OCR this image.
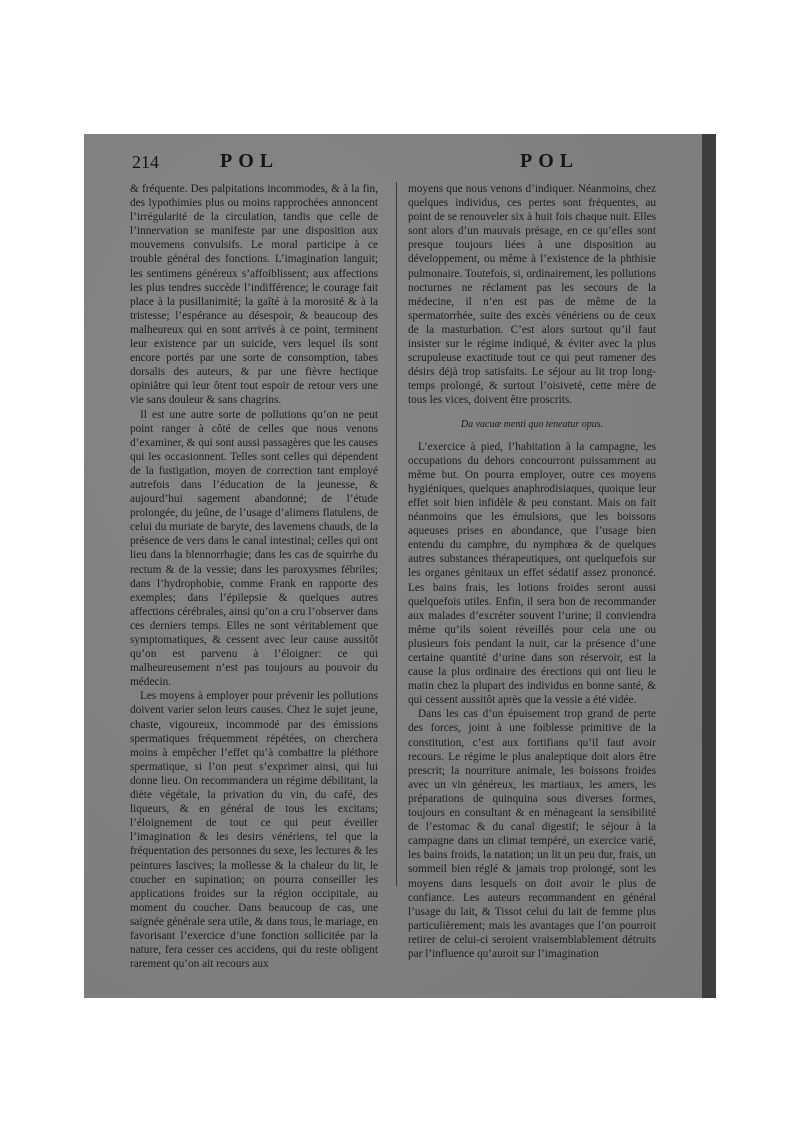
214	POL	POL

& fréquente. Des palpitations incommodes, & à la fin, des lypothimies plus ou moins rapprochées annoncent l’irrégularité de la circulation, tandis que celle de l’innervation se manifeste par une disposition aux mouvemens convulsifs. Le moral participe à ce trouble général des fonctions. L’imagination languit; les sentimens généreux s’affoiblissent; aux affections les plus tendres succède l’indifférence; le courage fait place à la pusillanimité; la gaîté à la morosité & à la tristesse; l’espérance au désespoir, & beaucoup des malheureux qui en sont arrivés à ce point, terminent leur existence par un suicide, vers lequel ils sont encore portés par une sorte de consomption, tabes dorsalis des auteurs, & par une fièvre hectique opiniâtre qui leur ôtent tout espoir de retour vers une vie sans douleur & sans chagrins.

Il est une autre sorte de pollutions qu’on ne peut point ranger à côté de celles que nous venons d’examiner, & qui sont aussi passagères que les causes qui les occasionnent. Telles sont celles qui dépendent de la fustigation, moyen de correction tant employé autrefois dans l’éducation de la jeunesse, & aujourd’hui sagement abandonné; de l’étude prolongée, du jeûne, de l’usage d’alimens flatulens, de celui du muriate de baryte, des lavemens chauds, de la présence de vers dans le canal intestinal; celles qui ont lieu dans la blennorrhagie; dans les cas de squirrhe du rectum & de la vessie; dans les paroxysmes fébriles; dans l’hydrophobie, comme Frank en rapporte des exemples; dans l’épilepsie & quelques autres affections cérébrales, ainsi qu’on a cru l’observer dans ces derniers temps. Elles ne sont véritablement que symptomatiques, & cessent avec leur cause aussitôt qu’on est parvenu à l’éloigner: ce qui malheureusement n’est pas toujours au pouvoir du médecin.

Les moyens à employer pour prévenir les pollutions doivent varier selon leurs causes. Chez le sujet jeune, chaste, vigoureux, incommodé par des émissions spermatiques fréquemment répétées, on cherchera moins à empêcher l’effet qu’à combattre la pléthore spermatique, si l’on peut s’exprimer ainsi, qui lui donne lieu. On recommandera un régime débilitant, la diète végétale, la privation du vin, du café, des liqueurs, & en général de tous les excitans; l’éloignement de tout ce qui peut éveiller l’imagination & les desirs vénériens, tel que la fréquentation des personnes du sexe, les lectures & les peintures lascives; la mollesse & la chaleur du lit, le coucher en supination; on pourra conseiller les applications froides sur la région occipitale, au moment du coucher. Dans beaucoup de cas, une saignée générale sera utile, & dans tous, le mariage, en favorisant l’exercice d’une fonction sollicitée par la nature, fera cesser ces accidens, qui du reste obligent rarement qu’on ait recours aux

moyens que nous venons d’indiquer. Néanmoins, chez quelques individus, ces pertes sont fréquentes, au point de se renouveler six à huit fois chaque nuit. Elles sont alors d’un mauvais présage, en ce qu’elles sont presque toujours liées à une disposition au développement, ou même à l’existence de la phthisie pulmonaire. Toutefois, si, ordinairement, les pollutions nocturnes ne réclament pas les secours de la médecine, il n’en est pas de même de la spermatorrhée, suite des excès vénériens ou de ceux de la masturbation. C’est alors surtout qu’il faut insister sur le régime indiqué, & éviter avec la plus scrupuleuse exactitude tout ce qui peut ramener des désirs déjà trop satisfaits. Le séjour au lit trop long-temps prolongé, & surtout l’oisiveté, cette mère de tous les vices, doivent être proscrits.

Da vacuæ menti quo teneatur opus.

L’exercice à pied, l’habitation à la campagne, les occupations du dehors concourront puissamment au même but. On pourra employer, outre ces moyens hygiéniques, quelques anaphrodisiaques, quoique leur effet soit bien infidèle & peu constant. Mais on fait néanmoins que les émulsions, que les boissons aqueuses prises en abondance, que l’usage bien entendu du camphre, du nymphœa & de quelques autres substances thérapeutiques, ont quelquefois sur les organes génitaux un effet sédatif assez prononcé. Les bains frais, les lotions froides seront aussi quelquefois utiles. Enfin, il sera bon de recommander aux malades d’excréter souvent l’urine; il conviendra même qu’ils soient réveillés pour cela une ou plusieurs fois pendant la nuit, car la présence d’une certaine quantité d’urine dans son réservoir, est la cause la plus ordinaire des érections qui ont lieu le matin chez la plupart des individus en bonne santé, & qui cessent aussitôt après que la vessie a été vidée.

Dans les cas d’un épuisement trop grand de perte des forces, joint à une foiblesse primitive de la constitution, c’est aux fortifians qu’il faut avoir recours. Le régime le plus analeptique doit alors être prescrit; la nourriture animale, les boissons froides avec un vin généreux, les martiaux, les amers, les préparations de quinquina sous diverses formes, toujours en consultant & en ménageant la sensibilité de l’estomac & du canal digestif; le séjour à la campagne dans un climat tempéré, un exercice varié, les bains froids, la natation; un lit un peu dur, frais, un sommeil bien réglé & jamais trop prolongé, sont les moyens dans lesquels on doit avoir le plus de confiance. Les auteurs recommandent en général l’usage du lait, & Tissot celui du lait de femme plus particulièrement; mais les avantages que l’on pourroit retirer de celui-ci seroient vraisemblablement détruits par l’influence qu’auroit sur l’imagination
